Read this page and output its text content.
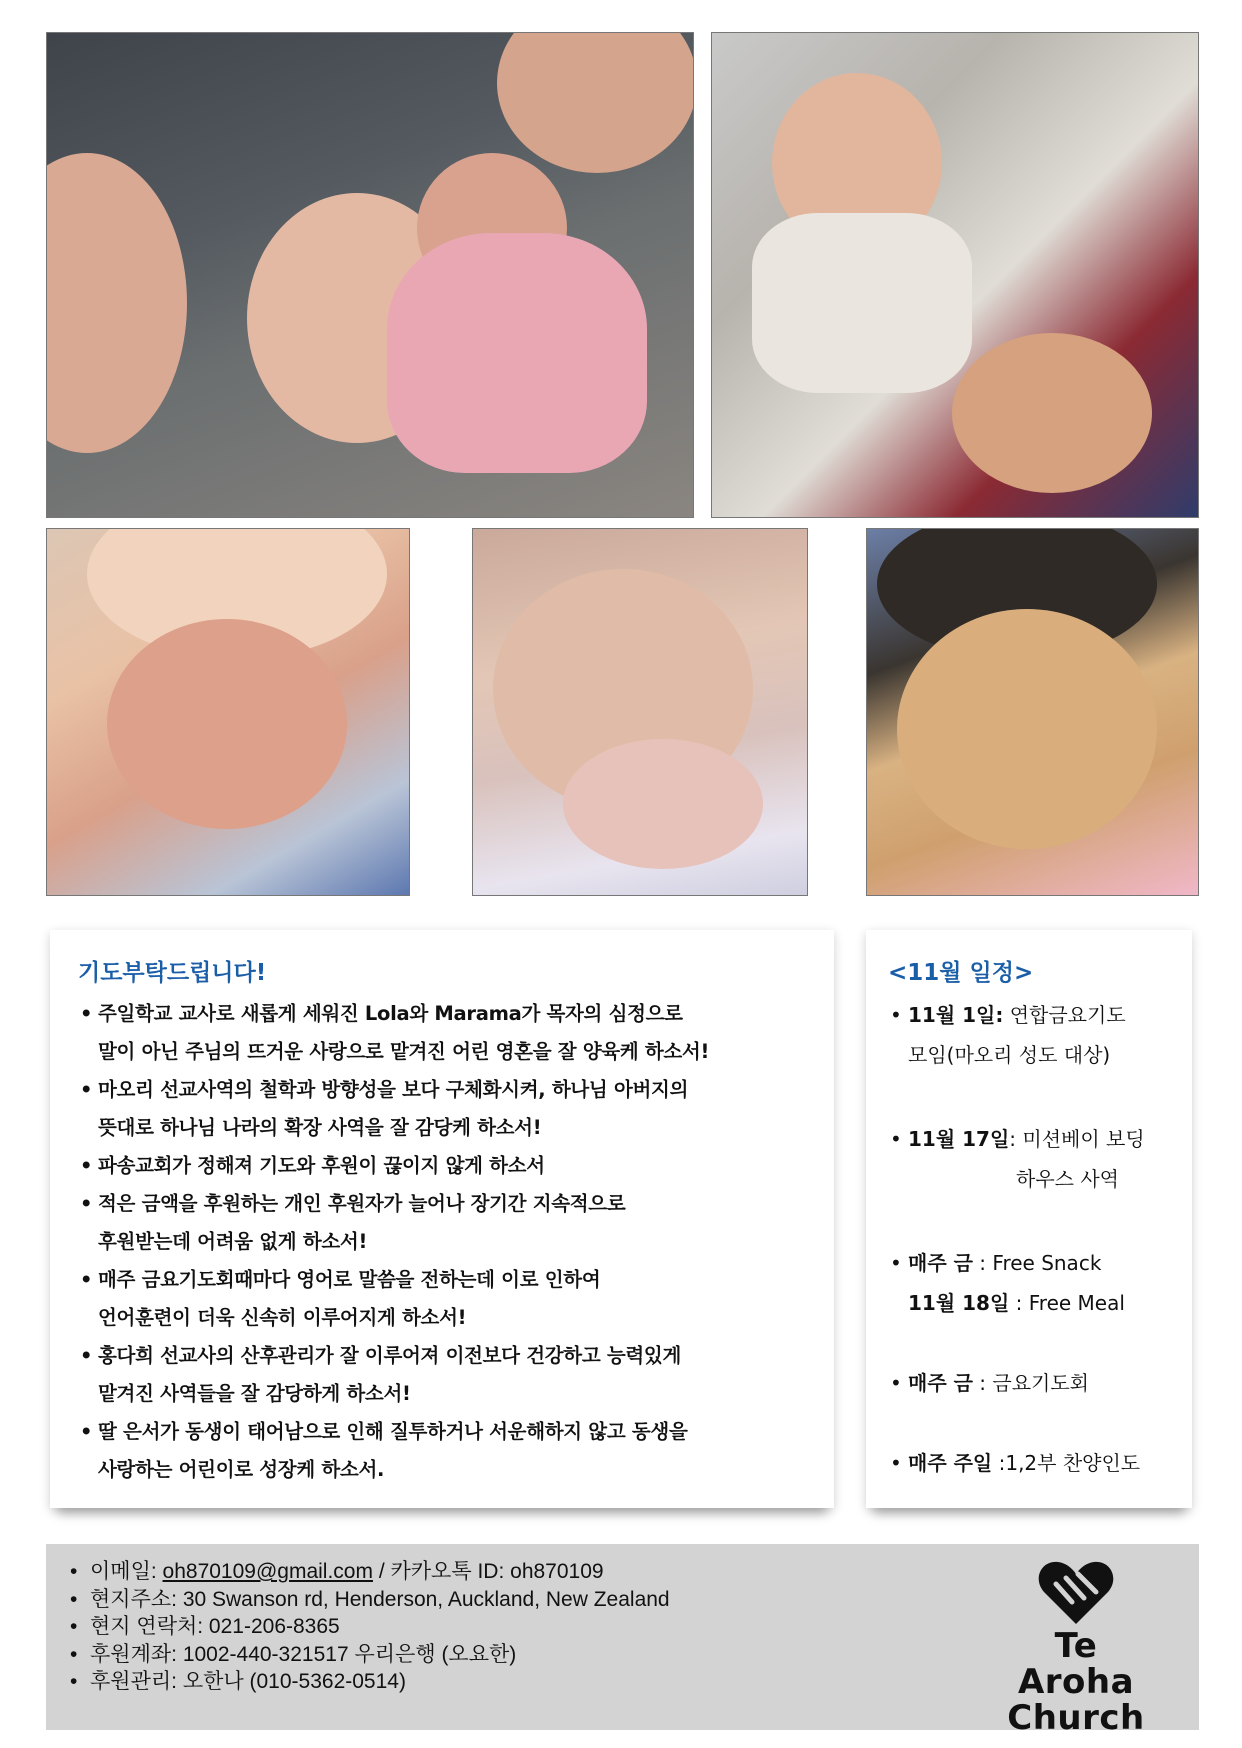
기도부탁드립니다!
• 주일학교 교사로 새롭게 세워진 Lola와 Marama가 목자의 심정으로
말이 아닌 주님의 뜨거운 사랑으로 맡겨진 어린 영혼을 잘 양육케 하소서!
• 마오리 선교사역의 철학과 방향성을 보다 구체화시켜, 하나님 아버지의
뜻대로 하나님 나라의 확장 사역을 잘 감당케 하소서!
• 파송교회가 정해져 기도와 후원이 끊이지 않게 하소서
• 적은 금액을 후원하는 개인 후원자가 늘어나 장기간 지속적으로
후원받는데 어려움 없게 하소서!
• 매주 금요기도회때마다 영어로 말씀을 전하는데 이로 인하여
언어훈련이 더욱 신속히 이루어지게 하소서!
• 홍다희 선교사의 산후관리가 잘 이루어져 이전보다 건강하고 능력있게
맡겨진 사역들을 잘 감당하게 하소서!
• 딸 은서가 동생이 태어남으로 인해 질투하거나 서운해하지 않고 동생을
사랑하는 어린이로 성장케 하소서.
<11월 일정>
• 11월 1일: 연합금요기도
모임(마오리 성도 대상)
• 11월 17일: 미션베이 보딩
하우스 사역
• 매주 금 : Free Snack
11월 18일 : Free Meal
• 매주 금 : 금요기도회
• 매주 주일 :1,2부 찬양인도
• 이메일: oh870109@gmail.com / 카카오톡 ID: oh870109
• 현지주소: 30 Swanson rd, Henderson, Auckland, New Zealand
• 현지 연락처: 021-206-8365
• 후원계좌: 1002-440-321517 우리은행 (오요한)
• 후원관리: 오한나 (010-5362-0514)
Te Aroha
Church
